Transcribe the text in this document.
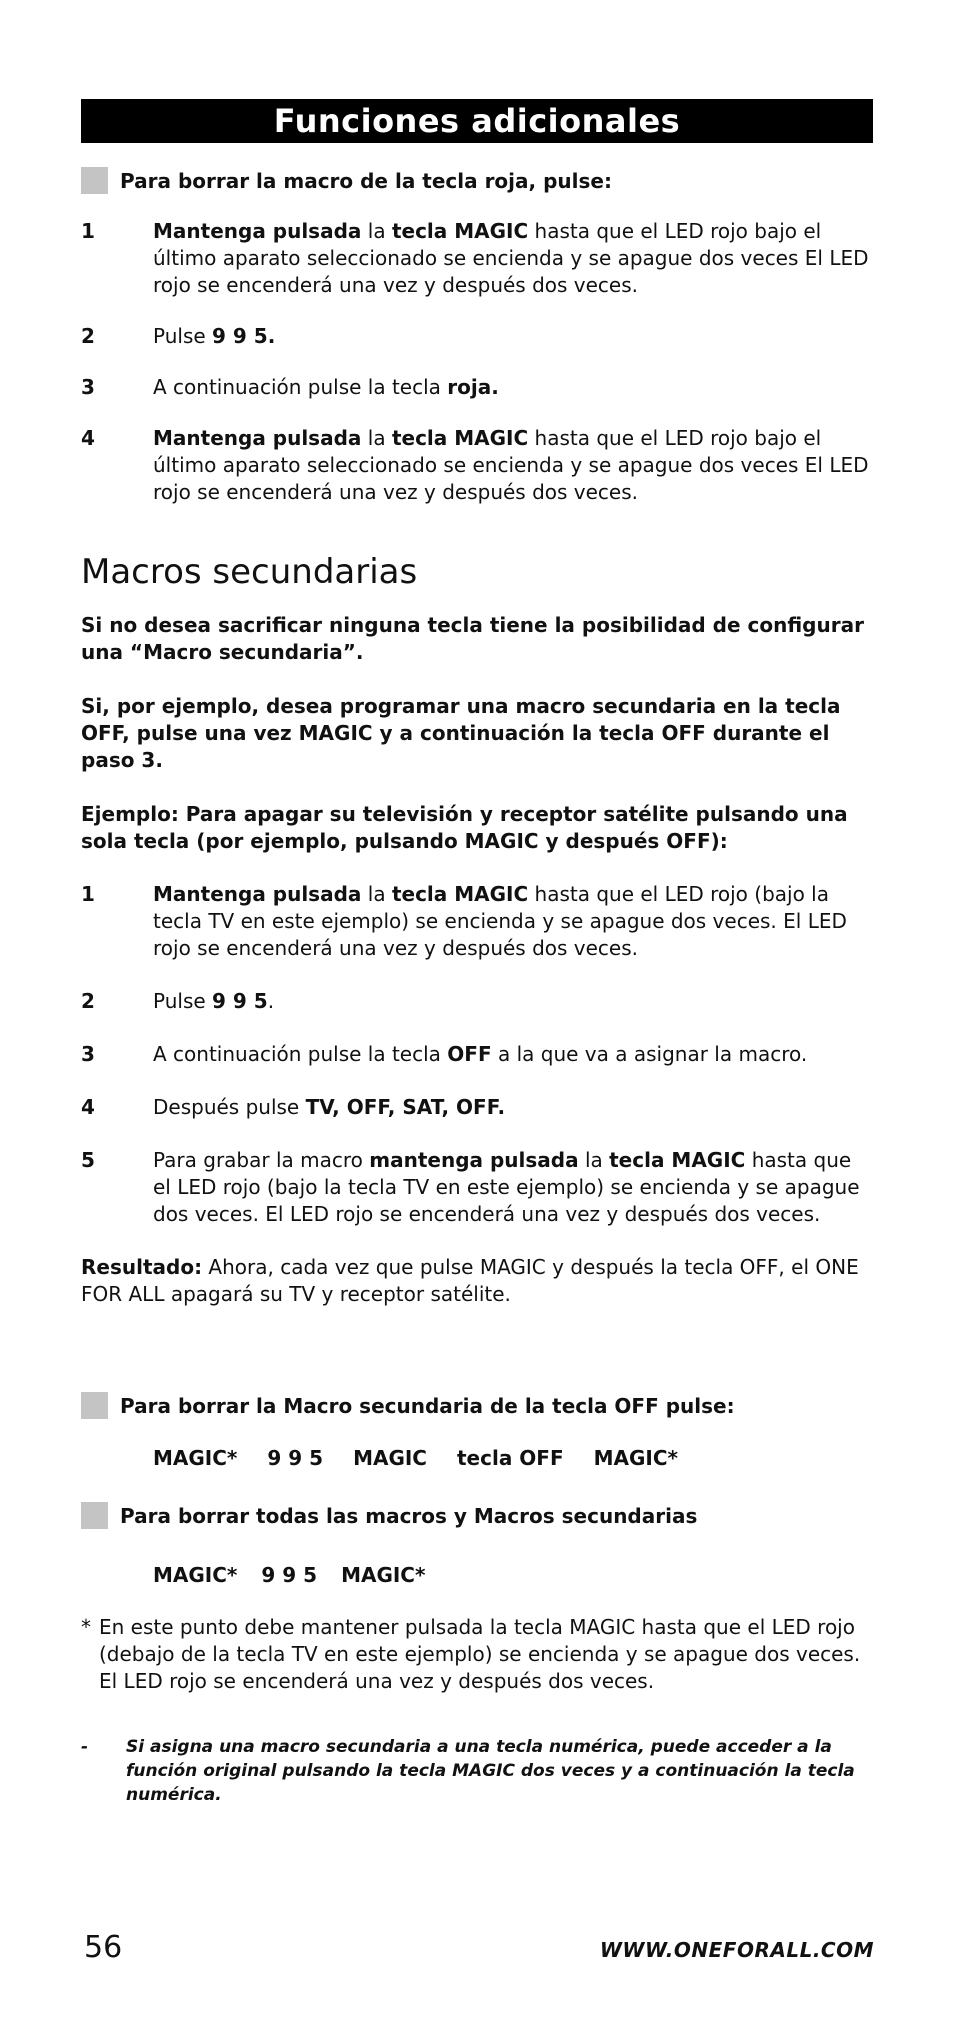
Funciones adicionales
Para borrar la macro de la tecla roja, pulse:
1	Mantenga pulsada la tecla MAGIC hasta que el LED rojo bajo el último aparato seleccionado se encienda y se apague dos veces El LED rojo se encenderá una vez y después dos veces.
2	Pulse 9 9 5.
3	A continuación pulse la tecla roja.
4	Mantenga pulsada la tecla MAGIC hasta que el LED rojo bajo el último aparato seleccionado se encienda y se apague dos veces El LED rojo se encenderá una vez y después dos veces.
Macros secundarias
Si no desea sacrificar ninguna tecla tiene la posibilidad de configurar una “Macro secundaria”.
Si, por ejemplo, desea programar una macro secundaria en la tecla OFF, pulse una vez MAGIC y a continuación la tecla OFF durante el paso 3.
Ejemplo: Para apagar su televisión y receptor satélite pulsando una sola tecla (por ejemplo, pulsando MAGIC y después OFF):
1	Mantenga pulsada la tecla MAGIC hasta que el LED rojo (bajo la tecla TV en este ejemplo) se encienda y se apague dos veces. El LED rojo se encenderá una vez y después dos veces.
2	Pulse 9 9 5.
3	A continuación pulse la tecla OFF a la que va a asignar la macro.
4	Después pulse TV, OFF, SAT, OFF.
5	Para grabar la macro mantenga pulsada la tecla MAGIC hasta que el LED rojo (bajo la tecla TV en este ejemplo) se encienda y se apague dos veces. El LED rojo se encenderá una vez y después dos veces.
Resultado: Ahora, cada vez que pulse MAGIC y después la tecla OFF, el ONE FOR ALL apagará su TV y receptor satélite.
Para borrar la Macro secundaria de la tecla OFF pulse:
MAGIC* 9 9 5 MAGIC tecla OFF MAGIC*
Para borrar todas las macros y Macros secundarias
MAGIC* 9 9 5 MAGIC*
* En este punto debe mantener pulsada la tecla MAGIC hasta que el LED rojo (debajo de la tecla TV en este ejemplo) se encienda y se apague dos veces. El LED rojo se encenderá una vez y después dos veces.
-	Si asigna una macro secundaria a una tecla numérica, puede acceder a la función original pulsando la tecla MAGIC dos veces y a continuación la tecla numérica.
56	WWW.ONEFORALL.COM
